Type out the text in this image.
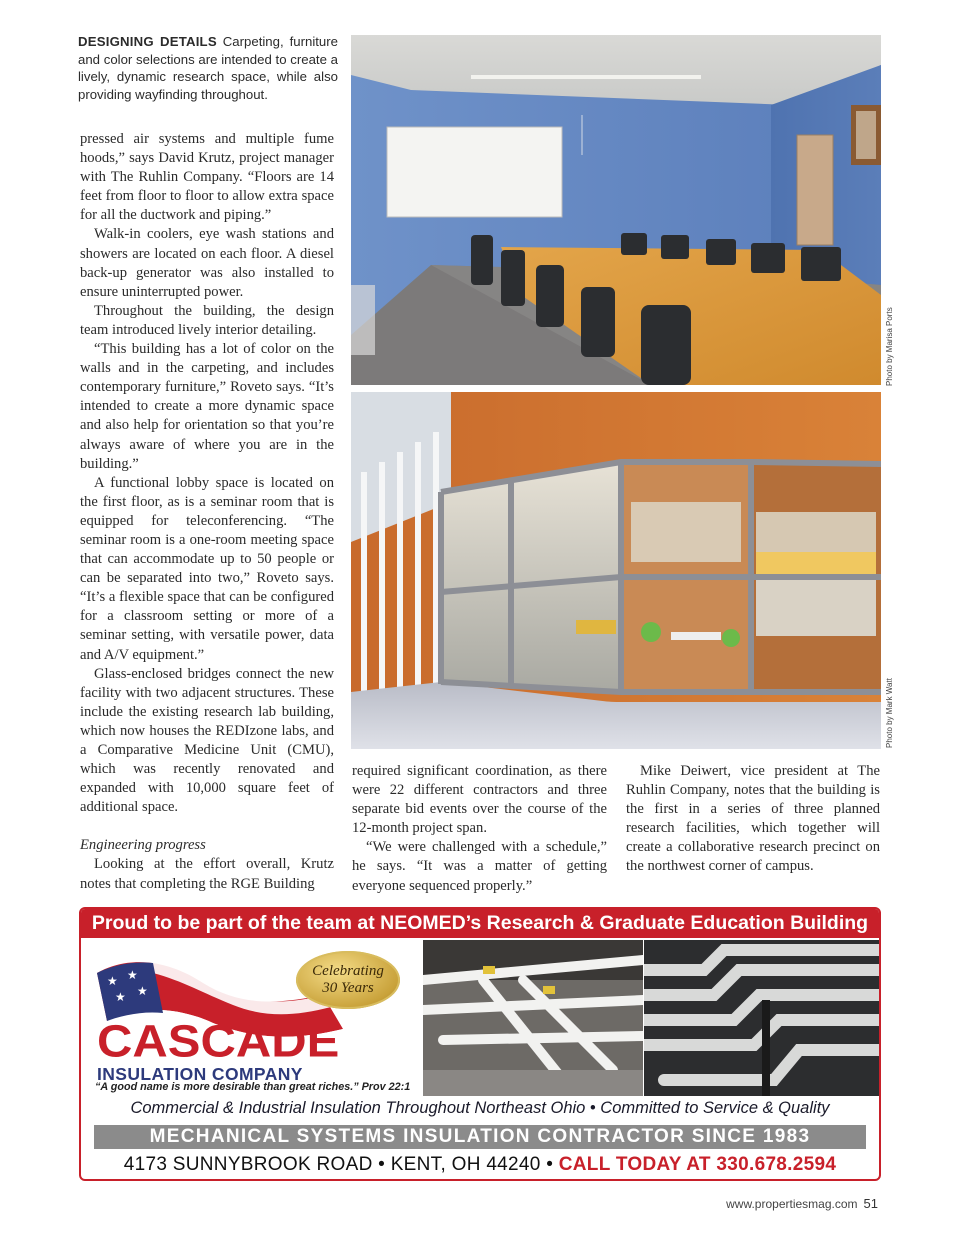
DESIGNING DETAILS Carpeting, furniture and color selections are intended to create a lively, dynamic research space, while also providing wayfinding throughout.

pressed air systems and multiple fume hoods,” says David Krutz, project manager with The Ruhlin Company. “Floors are 14 feet from floor to floor to allow extra space for all the ductwork and piping.”

Walk-in coolers, eye wash stations and showers are located on each floor. A diesel back-up generator was also installed to ensure uninterrupted power.

Throughout the building, the design team introduced lively interior detailing.

“This building has a lot of color on the walls and in the carpeting, and includes contemporary furniture,” Roveto says. “It’s intended to create a more dynamic space and also help for orientation so that you’re always aware of where you are in the building.”

A functional lobby space is located on the first floor, as is a seminar room that is equipped for teleconferencing. “The seminar room is a one-room meeting space that can accommodate up to 50 people or can be separated into two,” Roveto says. “It’s a flexible space that can be configured for a classroom setting or more of a seminar setting, with versatile power, data and A/V equipment.”

Glass-enclosed bridges connect the new facility with two adjacent structures. These include the existing research lab building, which now houses the REDIzone labs, and a Comparative Medicine Unit (CMU), which was recently renovated and expanded with 10,000 square feet of additional space.

Engineering progress

Looking at the effort overall, Krutz notes that completing the RGE Building

Photo by Marisa Ports
Photo by Mark Watt

required significant coordination, as there were 22 different contractors and three separate bid events over the course of the 12-month project span.

“We were challenged with a schedule,” he says. “It was a matter of getting everyone sequenced properly.”

Mike Deiwert, vice president at The Ruhlin Company, notes that the building is the first in a series of three planned research facilities, which together will create a collaborative research precinct on the northwest corner of campus.

Proud to be part of the team at NEOMED’s Research & Graduate Education Building
★ ★
★ ★
Celebrating
30 Years
CASCADE
INSULATION COMPANY
“A good name is more desirable than great riches.” Prov 22:1
Commercial & Industrial Insulation Throughout Northeast Ohio • Committed to Service & Quality
MECHANICAL SYSTEMS INSULATION CONTRACTOR SINCE 1983
4173 SUNNYBROOK ROAD • KENT, OH 44240 • CALL TODAY AT 330.678.2594
www.propertiesmag.com 51
